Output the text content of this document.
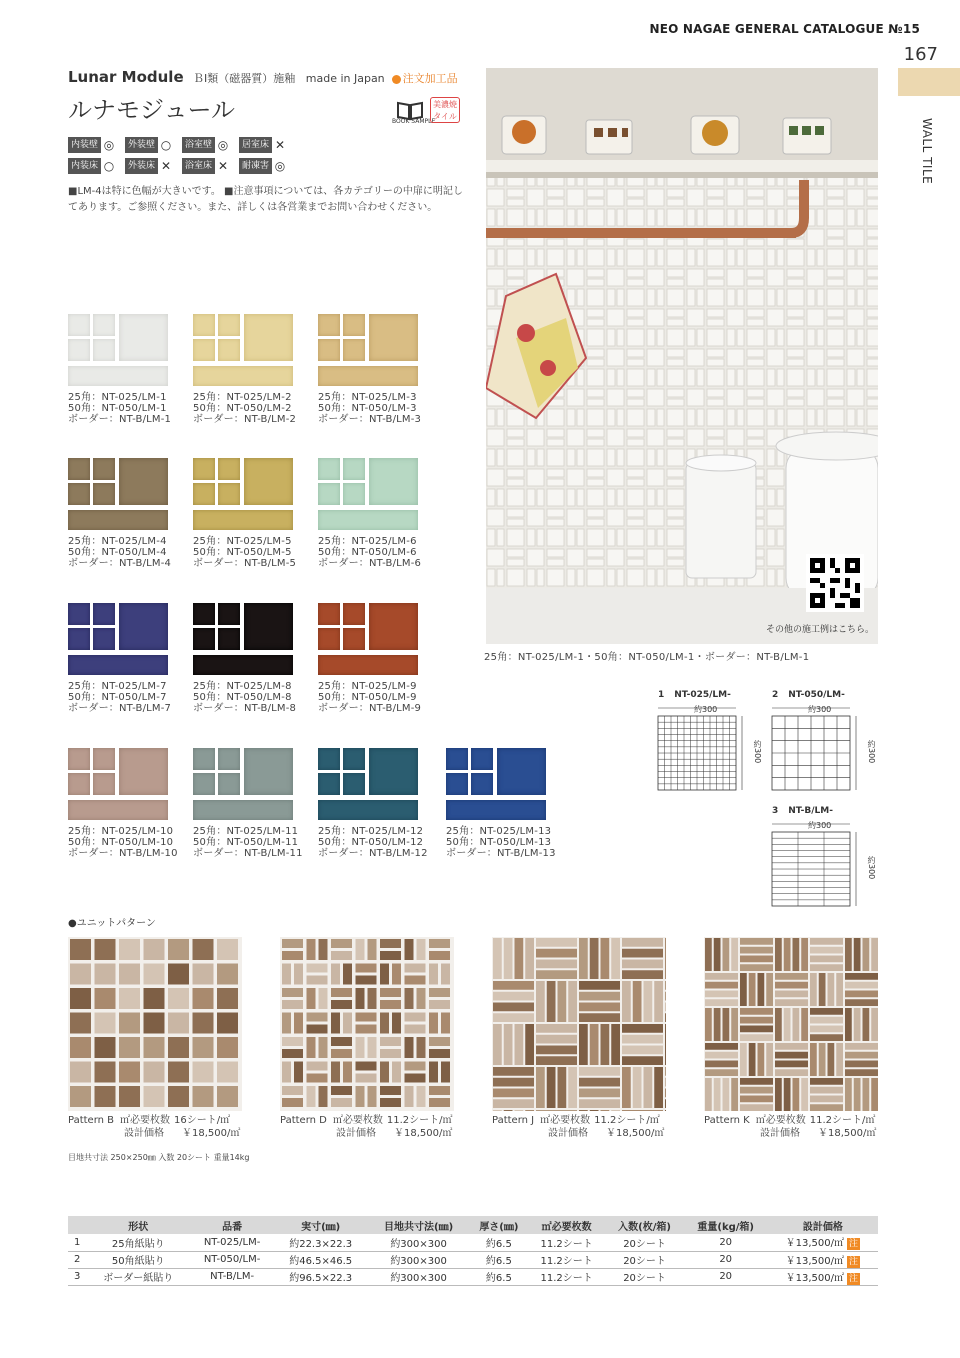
NEO NAGAE GENERAL CATALOGUE №15
167
WALL TILE
Lunar Module ＢⅠ類（磁器質）施釉 made in Japan 注文加工品
ルナモジュール	BOOK SAMPLE
美濃焼タイル
内装壁 ◎	外装壁 ○	浴室壁 ◎	居室床 ✕
内装床 ○	外装床 ✕	浴室床 ✕	耐凍害 ◎
■LM-4は特に色幅が大きいです。 ■注意事項については、各カテゴリーの中扉に明記してあります。ご参照ください。また、詳しくは各営業までお問い合わせください。
25角：NT-025/LM-1
50角：NT-050/LM-1
ボーダー：NT-B/LM-1
25角：NT-025/LM-2
50角：NT-050/LM-2
ボーダー：NT-B/LM-2
25角：NT-025/LM-3
50角：NT-050/LM-3
ボーダー：NT-B/LM-3
25角：NT-025/LM-4
50角：NT-050/LM-4
ボーダー：NT-B/LM-4
25角：NT-025/LM-5
50角：NT-050/LM-5
ボーダー：NT-B/LM-5
25角：NT-025/LM-6
50角：NT-050/LM-6
ボーダー：NT-B/LM-6
25角：NT-025/LM-7
50角：NT-050/LM-7
ボーダー：NT-B/LM-7
25角：NT-025/LM-8
50角：NT-050/LM-8
ボーダー：NT-B/LM-8
25角：NT-025/LM-9
50角：NT-050/LM-9
ボーダー：NT-B/LM-9
25角：NT-025/LM-10
50角：NT-050/LM-10
ボーダー：NT-B/LM-10
25角：NT-025/LM-11
50角：NT-050/LM-11
ボーダー：NT-B/LM-11
25角：NT-025/LM-12
50角：NT-050/LM-12
ボーダー：NT-B/LM-12
25角：NT-025/LM-13
50角：NT-050/LM-13
ボーダー：NT-B/LM-13
その他の施工例はこちら。
25角：NT-025/LM-1・50角：NT-050/LM-1・ボーダー：NT-B/LM-1
1 NT-025/LM-
約300
約300
2 NT-050/LM-
約300
約300
3 NT-B/LM-
約300
約300
●ユニットパターン
Pattern B ㎡必要枚数 16シート/㎡
設計価格 ￥18,500/㎡
Pattern D ㎡必要枚数 11.2シート/㎡
設計価格 ￥18,500/㎡
Pattern J ㎡必要枚数 11.2シート/㎡
設計価格 ￥18,500/㎡
Pattern K ㎡必要枚数 11.2シート/㎡
設計価格 ￥18,500/㎡
目地共寸法 250×250㎜ 入数 20シート 重量14kg
	形状	品番	実寸(㎜)	目地共寸法(㎜)	厚さ(㎜)	㎡必要枚数	入数(枚/箱)	重量(kg/箱)	設計価格
1	25角紙貼り	NT-025/LM-	約22.3×22.3	約300×300	約6.5	11.2シート	20シート	20	￥13,500/㎡ 注
2	50角紙貼り	NT-050/LM-	約46.5×46.5	約300×300	約6.5	11.2シート	20シート	20	￥13,500/㎡ 注
3	ボーダー紙貼り	NT-B/LM-	約96.5×22.3	約300×300	約6.5	11.2シート	20シート	20	￥13,500/㎡ 注
